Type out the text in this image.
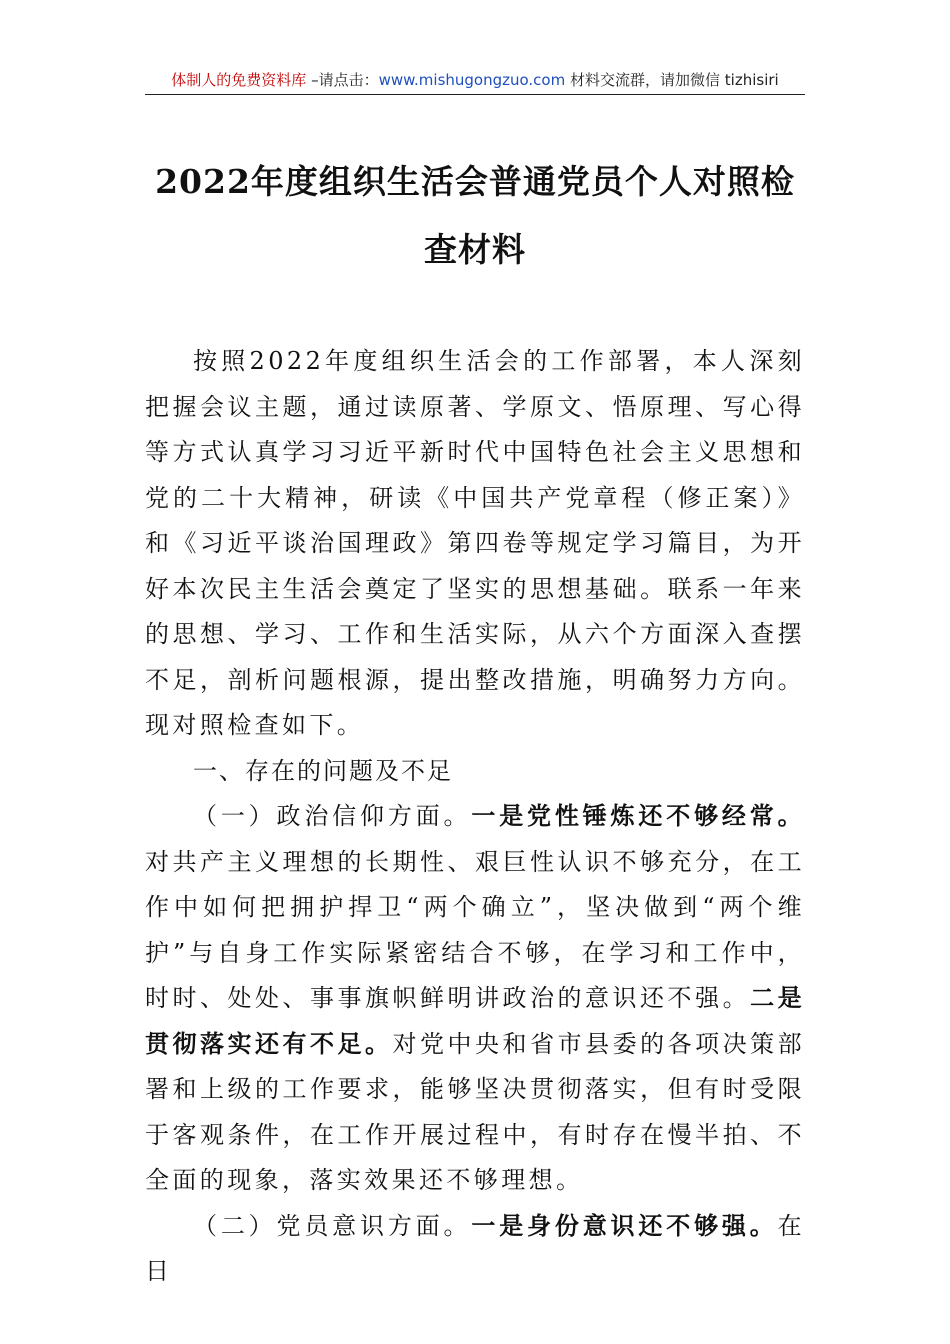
体制人的免费资料库 –请点击：www.mishugongzuo.com 材料交流群，请加微信 tizhisiri
2022年度组织生活会普通党员个人对照检查材料

按照2022年度组织生活会的工作部署，本人深刻把握会议主题，通过读原著、学原文、悟原理、写心得等方式认真学习习近平新时代中国特色社会主义思想和党的二十大精神，研读《中国共产党章程（修正案）》和《习近平谈治国理政》第四卷等规定学习篇目，为开好本次民主生活会奠定了坚实的思想基础。联系一年来的思想、学习、工作和生活实际，从六个方面深入查摆不足，剖析问题根源，提出整改措施，明确努力方向。现对照检查如下。

一、存在的问题及不足

（一）政治信仰方面。一是党性锤炼还不够经常。对共产主义理想的长期性、艰巨性认识不够充分，在工作中如何把拥护捍卫“两个确立”，坚决做到“两个维护”与自身工作实际紧密结合不够，在学习和工作中，时时、处处、事事旗帜鲜明讲政治的意识还不强。二是贯彻落实还有不足。对党中央和省市县委的各项决策部署和上级的工作要求，能够坚决贯彻落实，但有时受限于客观条件，在工作开展过程中，有时存在慢半拍、不全面的现象，落实效果还不够理想。

（二）党员意识方面。一是身份意识还不够强。在日
